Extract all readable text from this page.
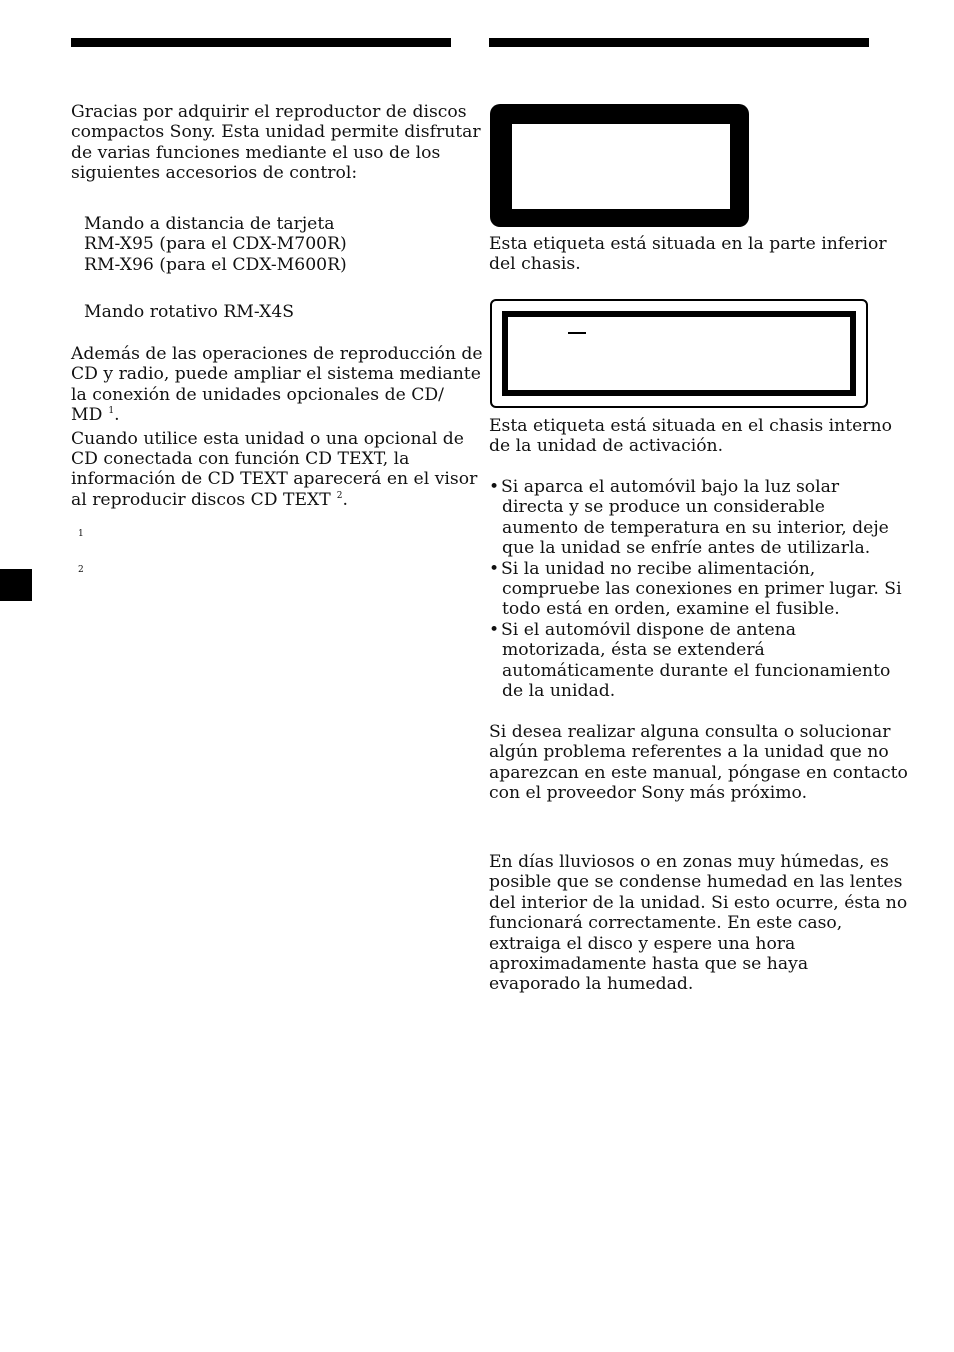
Gracias por adquirir el reproductor de discos
compactos Sony. Esta unidad permite disfrutar
de varias funciones mediante el uso de los
siguientes accesorios de control:
Mando a distancia de tarjeta
RM-X95 (para el CDX-M700R)
RM-X96 (para el CDX-M600R)
Mando rotativo RM-X4S
Además de las operaciones de reproducción de
CD y radio, puede ampliar el sistema mediante
la conexión de unidades opcionales de CD/
MD $^1$.
Cuando utilice esta unidad o una opcional de
CD conectada con función CD TEXT, la
información de CD TEXT aparecerá en el visor
al reproducir discos CD TEXT $^2$.
1
2
Esta etiqueta está situada en la parte inferior
del chasis.
Esta etiqueta está situada en el chasis interno
de la unidad de activación.
• Si aparca el automóvil bajo la luz solar
directa y se produce un considerable
aumento de temperatura en su interior, deje
que la unidad se enfríe antes de utilizarla.
• Si la unidad no recibe alimentación,
compruebe las conexiones en primer lugar. Si
todo está en orden, examine el fusible.
• Si el automóvil dispone de antena
motorizada, ésta se extenderá
automáticamente durante el funcionamiento
de la unidad.
Si desea realizar alguna consulta o solucionar
algún problema referentes a la unidad que no
aparezcan en este manual, póngase en contacto
con el proveedor Sony más próximo.
En días lluviosos o en zonas muy húmedas, es
posible que se condense humedad en las lentes
del interior de la unidad. Si esto ocurre, ésta no
funcionará correctamente. En este caso,
extraiga el disco y espere una hora
aproximadamente hasta que se haya
evaporado la humedad.
